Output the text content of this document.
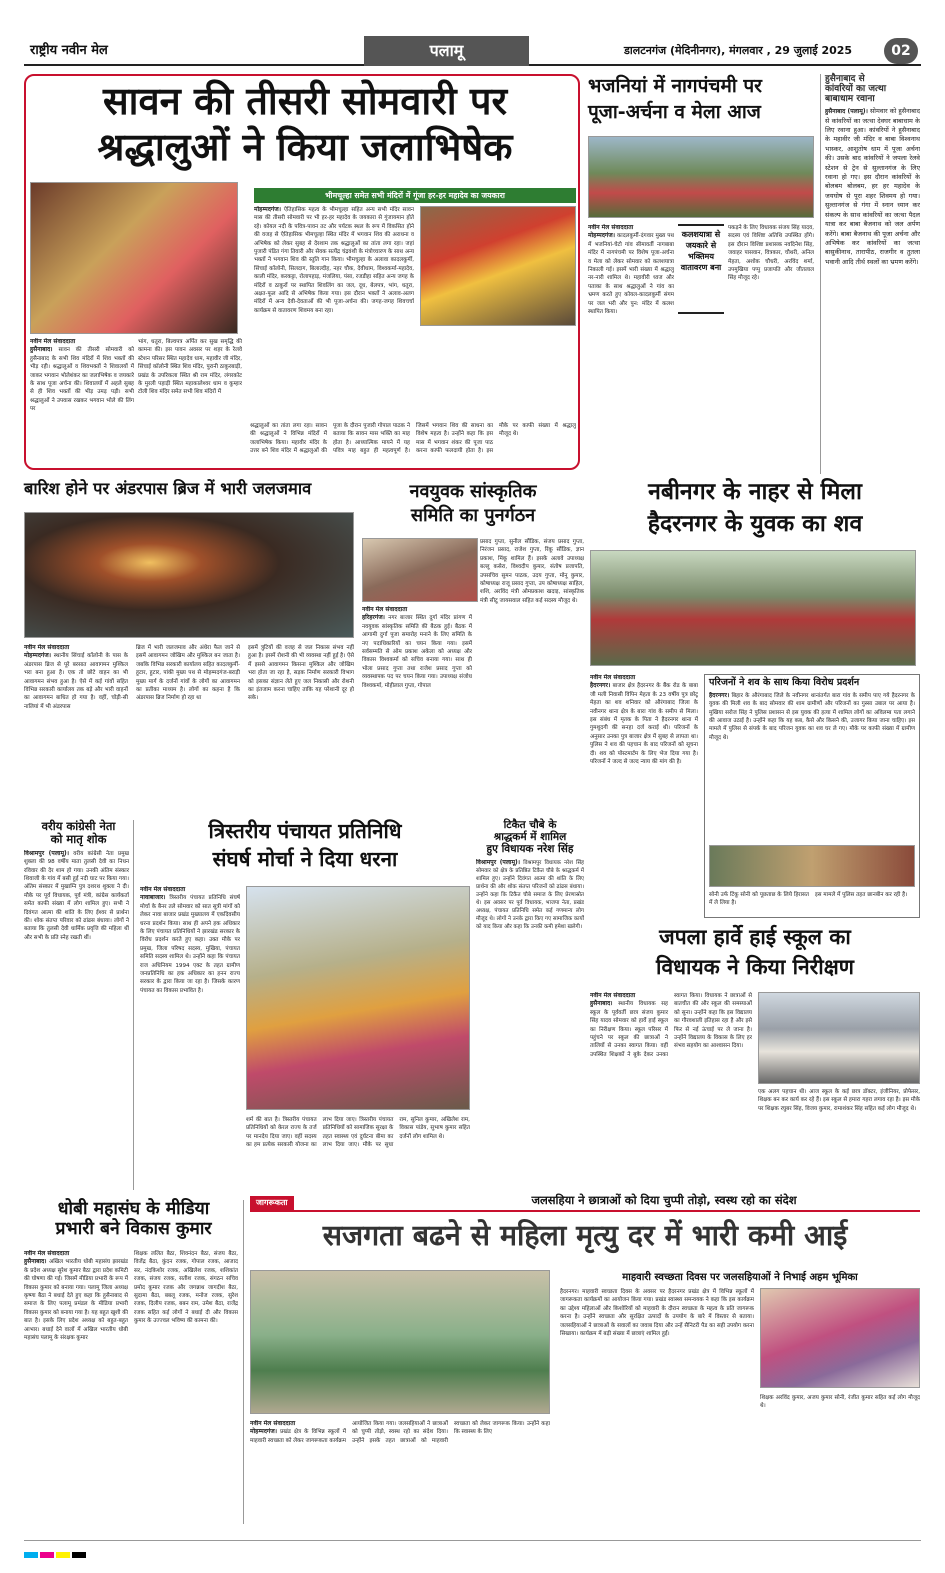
राष्ट्रीय नवीन मेल	पलामू	डालटनगंज (मेदिनीनगर), मंगलवार , 29 जुलाई 2025	02
सावन की तीसरी सोमवारी पर
श्रद्धालुओं ने किया जलाभिषेक
भीमचूल्हा समेत सभी मंदिरों में गूंजा हर-हर महादेव का जयकारा
मोहम्मदगंज। ऐतिहासिक महत्व के भीमचूल्हा सहित अन्य सभी मंदिर सावन मास की तीसरी सोमवारी पर भी हर-हर महादेव के जयकारा से गूंजायमान होते रहे। कोयल नदी के पवित्र-पावन तट और पर्यटक स्थल के रूप में विकसित होने की वजह से ऐतिहासिक भीमचूल्हा स्थित मंदिर में भगवान शिव की अराधना व अभिषेक को लेकर सुबह से देरशाम तक श्रद्धालुओं का तांता लगा रहा। जहां पुजारी पंडित गंगा तिवारी और सेवक सत्येंद्र चंद्रवंशी के मंत्रोच्चारण के साथ अन्य भक्तों ने भगवान शिव की स्तुति गान किया। भीमचूल्हा के अलावा कादलकुर्मी, सिंचाई कॉलोनी, सिलदाग, बिलाल्दीह, नहर चौक, देवीधाम, विश्वकर्मा-महादेव, काली मंदिर, करकट्टा, रोलापहाड़, मंजलिया, पंसा, रजडीहा सहित अन्य जगह के मंदिरों व ठाकुरों पर स्थापित शिवलिंग का जल, दूध, बेलपत्र, भांग, धतूरा, अक्षत-फूल आदि से अभिषेक किया गया। इस दौरान भक्तों ने अलाव-अलग मंदिरों में अन्य देवी-देवताओं की भी पूजा-अर्चना की। जगह-जगह शिवचर्चा कार्यक्रम से वातावरण शिवमय बना रहा।
नवीन मेल संवाददाता
हुसैनाबाद। सावन की तीसरी सोमवारी को हुसैनाबाद के सभी शिव मंदिरों में शिव भक्तों की भीड़ रही। श्रद्धालुओं व शिवभक्तों ने शिवालयों में जाकर भगवान भोलेशंकर का जलाभिषेक व जयकारे के साथ पूजा अर्चना की। शिवालयों में अहले सुबह से ही शिव भक्तों की भीड़ उमड़ पड़ी। सभी श्रद्धालुओं ने उपवास रखकर भगवान भोले की लिंग पर
भांग, धतूरा, बिल्वपत्र अर्पित कर सुख समृद्धि की कामना की। इस पावन अवसर पर शहर के रेलवे स्टेशन परिसर स्थित महादेव धाम, महावीर जी मंदिर, सिंचाई कॉलोनी स्थित शिव मंदिर, पुरानी ठाकुरबाड़ी, प्रखंड के उपरिकला स्थित श्री राम मंदिर, लंगरकोट के मुरली पहाड़ी स्थित महाकालेश्वर धाम व कुम्हार टोली शिव मंदिर समेत सभी शिव मंदिरों में
श्रद्धालुओं का तांता लगा रहा। सावन की श्रद्धालुओं ने विभिन्न मंदिरों में जलाभिषेक किया। महावीर मंदिर के उत्तर बने शिव मंदिर में श्रद्धालुओं की पूजा के दौरान पुजारी गोपाल पाठक ने बताया कि सावन मास भक्ति का माह होता है। आध्यात्मिक मायने में यह पवित्र माह बहुत ही महत्वपूर्ण है। जिसमें भगवान शिव की साधना का विशेष महत्व है। उन्होंने कहा कि इस मास में भगवान शंकर की पूजा पाठ करना काफी फलदायी होता है। इस मौके पर काफी संख्या में श्रद्धालु मौजूद थे।
भजनियां में नागपंचमी पर
पूजा-अर्चना व मेला आज
नवीन मेल संवाददाता
मोहम्मदगंज। कादलकुर्मी-दंगवार मुख्य पथ में भजनियां-चेटो गांव सीमावर्ती नागबाबा मंदिर में नागपंचमी पर विशेष पूजा-अर्चना व मेला को लेकर सोमवार को कलशयात्रा निकाली गई। इसमें भारी संख्या में श्रद्धालु नर-नारी शामिल थे। महावीरी ध्वज और पताका के साथ श्रद्धालुओं ने गांव का भ्रमण करते हुए कोयल-कादलकुर्मी संगम पर जल भरी और पुन: मंदिर में कलश स्थापित किया।
कलशयात्रा से जयकारे से भक्तिमय वातावरण बना
पकड़ने के लिए विधायक संजय सिंह यादव, सदस्य एवं विशिष्ट अतिथि उपस्थित होंगे। इस दौरान विशिष्ट प्रशासक नवदिनेश सिंह, जवाहर पासवान, वित्रकार, चौथरी, अनिल मेहता, अशोक चौधरी, अरविंद शर्मा, उपमुखिया पप्पु प्रजापति और जीतलाल सिंह मौजूद रहे।
हुसैनाबाद से
कांवरियों का जत्था
बाबाधाम रवाना
हुसैनाबाद (पलामू)। सोमवार को हुसैनाबाद से कांवरियों का जत्था देवघर बाबाधाम के लिए रवाना हुआ। कांवरियों ने हुसैनाबाद के महावीर जी मंदिर व बाबा विश्वनाथ भास्कर, आशुतोष धाम में पूजा अर्चना की। उसके बाद कांवरियों ने जपला रेलवे स्टेशन से ट्रेन से सुल्तानगंज के लिए रवाना हो गए। इस दौरान कांवरियों के बोलबम बोलबम, हर हर महादेव के जयघोष से पूरा शहर शिवमय हो गया। सुल्तानगंज से गंगा में स्नान ध्यान कर संकल्प के साथ कांवरियों का जत्था पैदल यात्रा कर बाबा बैजनाथ को जल अर्पण करेंगे। बाबा बैजनाथ की पूजा अर्चना और अभिषेक कर कांवरियों का जत्था बासुकीनाथ, तारापीठ, राजगीर व तुतला भवानी आदि तीर्थ स्थलों का भ्रमण करेंगे।
बारिश होने पर अंडरपास ब्रिज में भारी जलजमाव
नवीन मेल संवाददाता
मोहम्मदगंज। स्थानीय सिंचाई कॉलोनी के पास के अंडरपास ब्रिज से पूरे बरसात आवागमन मुश्किल भरा बना हुआ है। एक तो छोटे वाहन का भी आवागमन संभव हुआ है। ऐसे में कई गांवों सहित विभिन्न सरकारी कार्यालय तक बड़े और भारी वाहनों का आवागमन बाधित हो गया है। वहीं, चोड़ी-सी नालियां में भी अंडरपास
ब्रिज में भारी जलजमाव और अंधेरा फैल जाने से इसमें आवागमन जोखिम और मुश्किल बन जाता है। जबकि विभिन्न सरकारी कार्यालय सहित कादलकुर्मी-हूटार, हुटार, पांकी मुख्य पथ से मोहम्मदगंज-बराड़ी मुख्य मार्ग के दर्जनों गांवों के लोगों का आवागमन का प्रतीका माध्यम है। लोगों का कहना है कि अंडरपास ब्रिज निर्माण हो रहा था
इसमें त्रुटियों की वजह से जल निकास संभव नहीं हुआ है। इसमें रोशनी की भी व्यवस्था नहीं हुई है। ऐसे में इससे आवागमन किसना मुश्किल और जोखिम भरा होता जा रहा है, सड़क निर्माण सरकारी विभाग को इसका संज्ञान लेते हुए जल निकासी और रोशनी का इंतजाम करना चाहिए ताकि यह परेशानी दूर हो सके।
नवयुवक सांस्कृतिक
समिति का पुनर्गठन
नवीन मेल संवाददाता
हरिहरगंज। नगर बाजार स्थित दुर्गा मंदिर प्रांगण में नवयुवक सांस्कृतिक समिति की बैठक हुई। बैठक में आगामी दुर्गा पूजा समारोह मनाने के लिए समिति के नए पदाधिकारियों का चयन किया गया। इसमें सर्वसम्मति से ओम प्रकाश अकेला को अध्यक्ष और विकास विश्वकर्मा को सचिव बनाया गया। साथ ही भोला प्रसाद गुप्ता तथा राजेश प्रसाद गुप्ता को व्यवस्थापक पद पर चयन किया गया। उपाध्यक्ष संजोध विश्वकर्मा, मोहीलाल गुप्ता, गोपाल
प्रसाद गुप्ता, सुनील सौंडिक, संजय प्रसाद गुप्ता, निरंजन प्रसाद, राजेश गुप्ता, रिंकू सौंडिक, ज्ञान प्रकाश, मिंकू शामिल हैं। इसके अलावे उपाध्यक्ष बल्लू कसेरा, विश्वदीप कुमार, संतोष प्रजापति, उपसचिव सुमन पाठक, उदय गुप्ता, मोनू कुमार, कोषाध्यक्ष राजू प्रसाद गुप्ता, उप कोषाध्यक्ष साहिल, शशि, अरविंद मंत्री ओमप्रकाश खदाइ, सांस्कृतिक मंत्री सीटू जायसवाल सहित कई सदस्य मौजूद थे।
नबीनगर के नाहर से मिला
हैदरनगर के युवक का शव
नवीन मेल संवाददाता
हैदरनगर। बाजार क्षेत्र हैदरनगर के बैंक रोड के बाबा जी मली निवासी विपिन मेहता के 23 वर्षीय पुत्र छोटू मेहता का शव शनिवार को औरंगाबाद जिला के नवीनगर थाना क्षेत्र के बारा गांव के समीप से मिला। इस संबंध में मृतक के पिता ने हैदरनगर थाना में गुमशुदगी की सनहा दर्ज कराई थी। परिजनों के अनुसार उनका पुत्र बाजार क्षेत्र में सुबह से लापता था। पुलिस ने शव की पहचान के बाद परिजनों को सूचना दी। शव को पोस्टमार्टम के लिए भेज दिया गया है। परिजनों ने जल्द से जल्द न्याय की मांग की है।
परिजनों ने शव के साथ किया विरोध प्रदर्शन
हैदरनगर। बिहार के औरंगाबाद जिले के नवीनगर थानांतर्गत बारा गांव के समीप पाए गये हैदरनगर के युवक की मिली शव के बाद सोमवार की शाम ग्रामीणों और परिजनों का गुस्सा उबाल पर आया है। मुखिया सरोज सिंह ने पुलिस प्रशासन से इस युवक की हत्या में शामिल लोगों का अविलम्ब पता लगाने की आवाज उठाई है। उन्होंने कहा कि यह कब, कैसे और किसने की, उजागर किया जाना चाहिए। इस मामले में पुलिस से संपर्क के बाद परिजन युवक का शव घर ले गए। मौके पर काफी संख्या में ग्रामीण मौजूद थे।
सोनी उर्फ टिंकू सोनी को पूछताछ के लिये हिरासत में ले लिया है।
इस मामले में पुलिस तहत छानबीन कर रही है।
वरीय कांग्रेसी नेता
को मातृ शोक
विश्रामपुर (पलामू)। वरीय कांग्रेसी नेता प्रमुख शुक्ला की 98 वर्षीय माता तुलसी देवी का निधन रविवार की देर शाम हो गया। उनकी अंतिम संस्कार शिवाजी के गांव में बसी हुई नदी घाट पर किया गया। अंतिम संस्कार में मुखाग्नि पुत्र दशरथ शुक्ला ने दी। मौके पर पूर्व विधायक, पूर्व मंत्री, कांग्रेस कार्यकर्ता समेत काफी संख्या में लोग शामिल हुए। सभी ने दिवंगत आत्मा की शांति के लिए ईश्वर से प्रार्थना की। शोक संतप्त परिवार को ढांढस बंधाया। लोगों ने बताया कि तुलसी देवी धार्मिक प्रवृत्ति की महिला थीं और सभी के प्रति स्नेह रखती थीं।
त्रिस्तरीय पंचायत प्रतिनिधि
संघर्ष मोर्चा ने दिया धरना
नवीन मेल संवाददाता
नावाबाजार। त्रिस्तरीय पंचायत प्रतिनिधि संघर्ष मोर्चा के बैनर तले सोमवार को सात सूत्री मांगों को लेकर नावा बाजार प्रखंड मुख्यालय में एकदिवसीय धरना प्रदर्शन किया। साथ ही अपने हक अधिकार के लिए पंचायत प्रतिनिधियों ने झारखंड सरकार के विरोध प्रदर्शन करते हुए कहा। उक्त मौके पर प्रमुख, जिला परिषद सदस्य, मुखिया, पंचायत समिति सदस्य शामिल थे। उन्होंने कहा कि पंचायत राज अधिनियम 1994 एक्ट के तहत ग्रामीण जनप्रतिनिधि का हक अधिकार का हनन राज्य सरकार के द्वारा किया जा रहा है। जिसके कारण पंचायत का विकास प्रभावित है।
शर्म की बात है। त्रिस्तरीय पंचायत प्रतिनिधियों को केरल राज्य के तर्ज पर मानदेय दिया जाए। वहीं सदस्य का हम प्रत्येक सरकारी योजना का लाभ दिया जाए। त्रिस्तरीय पंचायत प्रतिनिधियों को सामाजिक सुरक्षा के तहत स्वास्थ्य एवं दुर्घटना बीमा का लाभ दिया जाए। मौके पर सुधा राम, सुनिल कुमार, अखिलेश राम, विकास पांडेय, सुभाष कुमार सहित दर्जनों लोग शामिल थे।
टिकैत चौबे के
श्राद्धकर्म में शामिल
हुए विधायक नरेश सिंह
विश्रामपुर (पलामू)। विश्रामपुर विधायक नरेश सिंह सोमवार को क्षेत्र के प्रतिष्ठित टिकैत चौबे के श्राद्धकर्म में शामिल हुए। उन्होंने दिवंगत आत्मा की शांति के लिए प्रार्थना की और शोक संतप्त परिजनों को ढांढस बंधाया। उन्होंने कहा कि टिकैत चौबे समाज के लिए प्रेरणास्रोत थे। इस अवसर पर पूर्व विधायक, भाजपा नेता, प्रखंड अध्यक्ष, पंचायत प्रतिनिधि समेत कई गणमान्य लोग मौजूद थे। लोगों ने उनके द्वारा किए गए सामाजिक कार्यों को याद किया और कहा कि उनकी कमी हमेशा खलेगी।	जपला हार्वे हाई स्कूल का
विधायक ने किया निरीक्षण
नवीन मेल संवाददाता
हुसैनाबाद। स्थानीय विधायक सह स्कूल के पूर्ववर्ती छात्र संजय कुमार सिंह यादव सोमवार को हार्वे हाई स्कूल का निरीक्षण किया। स्कूल परिसर में पहुंचने पर स्कूल की छात्राओं ने तालियों से उनका स्वागत किया। वहीं उपस्थित शिक्षकों ने बुके देकर उनका स्वागत किया। विधायक ने छात्राओं से बातचीत की और स्कूल की समस्याओं को सुना। उन्होंने कहा कि इस विद्यालय का गौरवशाली इतिहास रहा है और इसे फिर से नई ऊंचाई पर ले जाना है। उन्होंने विद्यालय के विकास के लिए हर संभव सहयोग का आश्वासन दिया।
एक अलग पहचान थी। आज स्कूल के कई छात्र डॉक्टर, इंजीनियर, प्रोफेसर, शिक्षक बन कर कार्य कर रहे हैं। इस स्कूल से हमारा गहरा लगाव रहा है। इस मौके पर शिक्षक रघुबर सिंह, विजय कुमार, रामाशंकर सिंह सहित कई लोग मौजूद थे।
जागरूकता	जलसहिया ने छात्राओं को दिया चुप्पी तोड़ो, स्वस्थ रहो का संदेश
सजगता बढने से महिला मृत्यु दर में भारी कमी आई
माहवारी स्वच्छता दिवस पर जलसहियाओं ने निभाई अहम भूमिका
हैदरनगर। माहवारी स्वच्छता दिवस के अवसर पर हैदरनगर प्रखंड क्षेत्र में विभिन्न स्कूलों में जागरूकता कार्यक्रमों का आयोजन किया गया। प्रखंड स्वास्थ्य समन्वयक ने कहा कि इस कार्यक्रम का उद्देश्य महिलाओं और किशोरियों को माहवारी के दौरान स्वच्छता के महत्व के प्रति जागरूक करना है। उन्होंने स्वच्छता और सुरक्षित उत्पादों के उपयोग के बारे में विस्तार से बताया। जलसहियाओं ने छात्राओं के सवालों का जवाब दिया और उन्हें सैनिटरी पैड का सही उपयोग करना सिखाया। कार्यक्रम में बड़ी संख्या में छात्राएं शामिल हुईं।
नवीन मेल संवाददाता
मोहम्मदगंज। प्रखंड क्षेत्र के विभिन्न स्कूलों में माहवारी स्वच्छता को लेकर जागरूकता कार्यक्रम आयोजित किया गया। जलसहियाओं ने छात्राओं को चुप्पी तोड़ो, स्वस्थ रहो का संदेश दिया। उन्होंने इसके तहत छात्राओं को माहवारी स्वच्छता को लेकर जागरूक किया। उन्होंने कहा कि स्वास्थ्य के लिए
शिक्षक अरविंद कुमार, अजय कुमार सोनी, रंजीत कुमार सहित कई लोग मौजूद थे।
धोबी महासंघ के मीडिया
प्रभारी बने विकास कुमार
नवीन मेल संवाददाता
हुसैनाबाद। अखिल भारतीय धोबी महासंघ झारखंड के प्रदेश अध्यक्ष सुरेश कुमार बैठा द्वारा प्रदेश कमिटी की घोषणा की गई। जिसमें मीडिया प्रभारी के रूप में विकास कुमार को बनाया गया। पलामू जिला अध्यक्ष कृष्णा बैठा ने बधाई देते हुए कहा कि हुसैनाबाद से समाज के लिए पलामू प्रमंडल के मीडिया प्रभारी विकास कुमार को बनाया गया है। यह बहुत खुशी की बात है। इसके लिए प्रदेश अध्यक्ष को बहुत-बहुत आभार। बधाई देने वालों में अखिल भारतीय धोबी महासंघ पलामू के संरक्षक कुमार
शिक्षक ललित बैठा, शिवनंदन बैठा, संजय बैठा, विजेंद्र बैठा, कुंदन रजक, गोपाल रजक, आजाद सर, नंदकिशोर रजक, अखिलेश रजक, शशिकांत रजक, संजय रजक, सतीश रजक, संगठन सचिव प्रमोद कुमार रजक और जगन्नाथ जागदीश बैठा, सुदामा बैठा, बबलू रजक, मनोज रजक, सुरेश रजक, दिलीप रजक, बबन राम, उमेश बैठा, राजेंद्र रजक सहित कई लोगों ने बधाई दी और विकास कुमार के उज्ज्वल भविष्य की कामना की।
